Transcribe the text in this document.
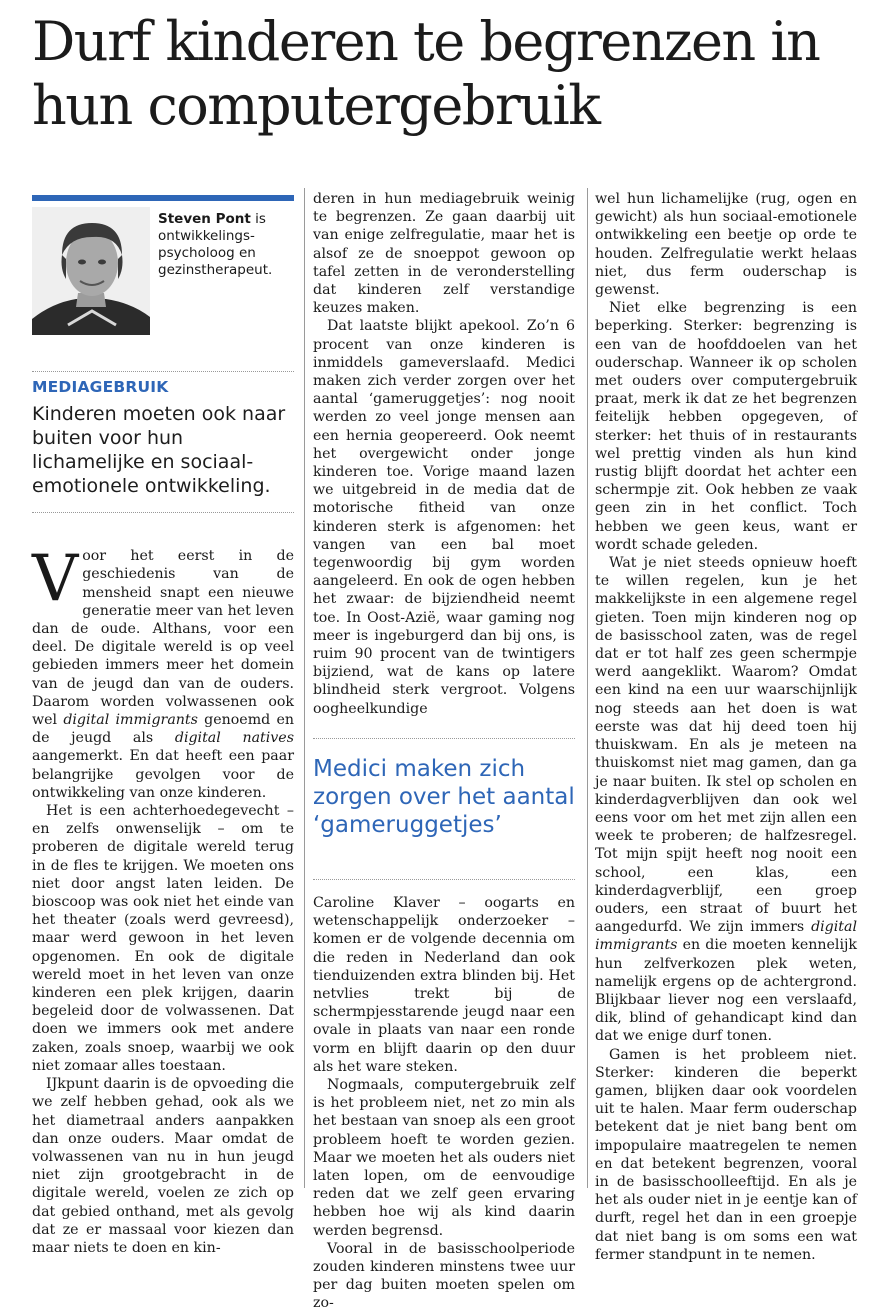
Durf kinderen te begrenzen in hun computergebruik
Steven Pont is ontwikkelings-psycholoog en gezinstherapeut.
MEDIAGEBRUIK
Kinderen moeten ook naar buiten voor hun lichamelijke en sociaal-emotionele ontwikkeling.

Voor het eerst in de geschiedenis van de mensheid snapt een nieuwe generatie meer van het leven dan de oude. Althans, voor een deel. De digitale wereld is op veel gebieden immers meer het domein van de jeugd dan van de ouders. Daarom worden volwassenen ook wel digital immigrants genoemd en de jeugd als digital natives aangemerkt. En dat heeft een paar belangrijke gevolgen voor de ontwikkeling van onze kinderen.

Het is een achterhoedegevecht – en zelfs onwenselijk – om te proberen de digitale wereld terug in de fles te krijgen. We moeten ons niet door angst laten leiden. De bioscoop was ook niet het einde van het theater (zoals werd gevreesd), maar werd gewoon in het leven opgenomen. En ook de digitale wereld moet in het leven van onze kinderen een plek krijgen, daarin begeleid door de volwassenen. Dat doen we immers ook met andere zaken, zoals snoep, waarbij we ook niet zomaar alles toestaan.

IJkpunt daarin is de opvoeding die we zelf hebben gehad, ook als we het diametraal anders aanpakken dan onze ouders. Maar omdat de volwassenen van nu in hun jeugd niet zijn grootgebracht in de digitale wereld, voelen ze zich op dat gebied onthand, met als gevolg dat ze er massaal voor kiezen dan maar niets te doen en kin-

deren in hun mediagebruik weinig te begrenzen. Ze gaan daarbij uit van enige zelfregulatie, maar het is alsof ze de snoeppot gewoon op tafel zetten in de veronderstelling dat kinderen zelf verstandige keuzes maken.

Dat laatste blijkt apekool. Zo’n 6 procent van onze kinderen is inmiddels gameverslaafd. Medici maken zich verder zorgen over het aantal ‘gameruggetjes’: nog nooit werden zo veel jonge mensen aan een hernia geopereerd. Ook neemt het overgewicht onder jonge kinderen toe. Vorige maand lazen we uitgebreid in de media dat de motorische fitheid van onze kinderen sterk is afgenomen: het vangen van een bal moet tegenwoordig bij gym worden aangeleerd. En ook de ogen hebben het zwaar: de bijziendheid neemt toe. In Oost-Azië, waar gaming nog meer is ingeburgerd dan bij ons, is ruim 90 procent van de twintigers bijziend, wat de kans op latere blindheid sterk vergroot. Volgens oogheelkundige

Medici maken zich zorgen over het aantal ‘gameruggetjes’

Caroline Klaver – oogarts en wetenschappelijk onderzoeker – komen er de volgende decennia om die reden in Nederland dan ook tienduizenden extra blinden bij. Het netvlies trekt bij de schermpjesstarende jeugd naar een ovale in plaats van naar een ronde vorm en blijft daarin op den duur als het ware steken.

Nogmaals, computergebruik zelf is het probleem niet, net zo min als het bestaan van snoep als een groot probleem hoeft te worden gezien. Maar we moeten het als ouders niet laten lopen, om de eenvoudige reden dat we zelf geen ervaring hebben hoe wij als kind daarin werden begrensd.

Vooral in de basisschoolperiode zouden kinderen minstens twee uur per dag buiten moeten spelen om zo-

wel hun lichamelijke (rug, ogen en gewicht) als hun sociaal-emotionele ontwikkeling een beetje op orde te houden. Zelfregulatie werkt helaas niet, dus ferm ouderschap is gewenst.

Niet elke begrenzing is een beperking. Sterker: begrenzing is een van de hoofddoelen van het ouderschap. Wanneer ik op scholen met ouders over computergebruik praat, merk ik dat ze het begrenzen feitelijk hebben opgegeven, of sterker: het thuis of in restaurants wel prettig vinden als hun kind rustig blijft doordat het achter een schermpje zit. Ook hebben ze vaak geen zin in het conflict. Toch hebben we geen keus, want er wordt schade geleden.

Wat je niet steeds opnieuw hoeft te willen regelen, kun je het makkelijkste in een algemene regel gieten. Toen mijn kinderen nog op de basisschool zaten, was de regel dat er tot half zes geen schermpje werd aangeklikt. Waarom? Omdat een kind na een uur waarschijnlijk nog steeds aan het doen is wat eerste was dat hij deed toen hij thuiskwam. En als je meteen na thuiskomst niet mag gamen, dan ga je naar buiten. Ik stel op scholen en kinderdagverblijven dan ook wel eens voor om het met zijn allen een week te proberen; de halfzesregel. Tot mijn spijt heeft nog nooit een school, een klas, een kinderdagverblijf, een groep ouders, een straat of buurt het aangedurfd. We zijn immers digital immigrants en die moeten kennelijk hun zelfverkozen plek weten, namelijk ergens op de achtergrond. Blijkbaar liever nog een verslaafd, dik, blind of gehandicapt kind dan dat we enige durf tonen.

Gamen is het probleem niet. Sterker: kinderen die beperkt gamen, blijken daar ook voordelen uit te halen. Maar ferm ouderschap betekent dat je niet bang bent om impopulaire maatregelen te nemen en dat betekent begrenzen, vooral in de basisschoolleeftijd. En als je het als ouder niet in je eentje kan of durft, regel het dan in een groepje dat niet bang is om soms een wat fermer standpunt in te nemen.
